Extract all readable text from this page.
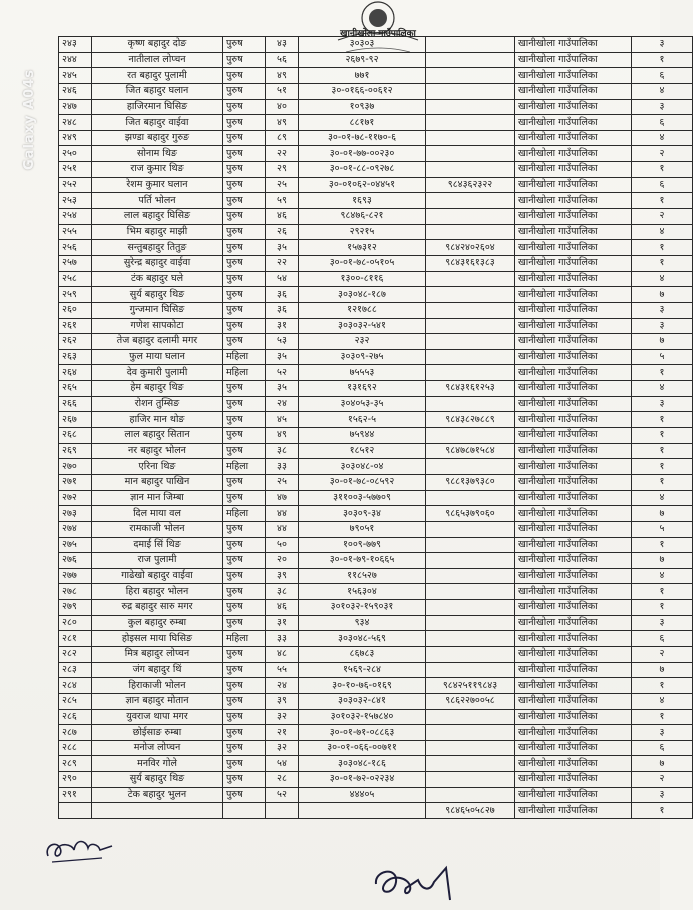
खानीखोला गाउँपालिका
Galaxy A04s
२४३	कृष्ण बहादुर दोङ	पुरुष	४३	३०३०३		खानीखोला गाउँपालिका	३
२४४	नातीलाल लोप्चन	पुरुष	५६	२६७९-९२		खानीखोला गाउँपालिका	१
२४५	रत बहादुर पुलामी	पुरुष	४९	७७१		खानीखोला गाउँपालिका	६
२४६	जित बहादुर घलान	पुरुष	५१	३०-०१६६-००६१२		खानीखोला गाउँपालिका	४
२४७	हाजिरमान घिसिङ	पुरुष	४०	१०९३७		खानीखोला गाउँपालिका	३
२४८	जित बहादुर वाईवा	पुरुष	४९	८८१७१		खानीखोला गाउँपालिका	६
२४९	झण्डा बहादुर गुरुङ	पुरुष	८९	३०-०१-७८-११७०-६		खानीखोला गाउँपालिका	४
२५०	सोनाम थिङ	पुरुष	२२	३०-०१-७७-००२३०		खानीखोला गाउँपालिका	२
२५१	राज कुमार थिङ	पुरुष	२९	३०-०१-८८-०९२७८		खानीखोला गाउँपालिका	१
२५२	रेशम कुमार घलान	पुरुष	२५	३०-०१०६२-०४४५१	९८४३६२३२२	खानीखोला गाउँपालिका	६
२५३	पर्ति भोलन	पुरुष	५९	१६९३		खानीखोला गाउँपालिका	१
२५४	लाल बहादुर घिसिङ	पुरुष	४६	९८४७६-८२१		खानीखोला गाउँपालिका	२
२५५	भिम बहादुर माझी	पुरुष	२६	२९२१५		खानीखोला गाउँपालिका	४
२५६	सन्तुबहादुर तितुङ	पुरुष	३५	१५७३१२	९८४२४०२६०४	खानीखोला गाउँपालिका	१
२५७	सुरेन्द्र बहादुर वाईवा	पुरुष	२२	३०-०१-७८-०५१०५	९८४३१६१३८३	खानीखोला गाउँपालिका	१
२५८	टंक बहादुर घले	पुरुष	५४	१३००-८११६		खानीखोला गाउँपालिका	४
२५९	सुर्य बहादुर थिङ	पुरुष	३६	३०३०४८-१८७		खानीखोला गाउँपालिका	७
२६०	गुन्जमान घिसिङ	पुरुष	३६	१२१७८८		खानीखोला गाउँपालिका	३
२६१	गणेश सापकोटा	पुरुष	३१	३०३०३२-५४१		खानीखोला गाउँपालिका	३
२६२	तेज बहादुर दलामी मगर	पुरुष	५३	२३२		खानीखोला गाउँपालिका	७
२६३	फुल माया घलान	महिला	३५	३०३०९-२७५		खानीखोला गाउँपालिका	५
२६४	देव कुमारी पुलामी	महिला	५२	७५५५३		खानीखोला गाउँपालिका	१
२६५	हेम बहादुर थिङ	पुरुष	३५	१३१६९२	९८४३१६१२५३	खानीखोला गाउँपालिका	४
२६६	रोशन तुम्सिङ	पुरुष	२४	३०४०५३-३५		खानीखोला गाउँपालिका	३
२६७	हाजिर मान थोङ	पुरुष	४५	१५६२-५	९८४३८२७८८९	खानीखोला गाउँपालिका	१
२६८	लाल बहादुर सितान	पुरुष	४९	७५९४४		खानीखोला गाउँपालिका	१
२६९	नर बहादुर भोलन	पुरुष	३८	१८५१२	९८४७८७१५८४	खानीखोला गाउँपालिका	१
२७०	एरिना थिङ	महिला	३३	३०३०४८-०४		खानीखोला गाउँपालिका	१
२७१	मान बहादुर पाखिन	पुरुष	२५	३०-०१-७८-०८५९२	९८८१३७९३८०	खानीखोला गाउँपालिका	१
२७२	ज्ञान मान जिम्बा	पुरुष	४७	३११००३-५७७०९		खानीखोला गाउँपालिका	४
२७३	दिल माया वल	महिला	४४	३०३०९-३४	९८६५३७९०६०	खानीखोला गाउँपालिका	७
२७४	रामकाजी भोलन	पुरुष	४४	७९०५१		खानीखोला गाउँपालिका	५
२७५	दमाई सिं थिङ	पुरुष	५०	१००९-७७९		खानीखोला गाउँपालिका	१
२७६	राज पुलामी	पुरुष	२०	३०-०१-७९-१०६६५		खानीखोला गाउँपालिका	७
२७७	गाढेखो बहादुर वाईवा	पुरुष	३९	११८५२७		खानीखोला गाउँपालिका	४
२७८	हिरा बहादुर भोलन	पुरुष	३८	१५६३०४		खानीखोला गाउँपालिका	१
२७९	रुद्र बहादुर सारु मगर	पुरुष	४६	३०१०३२-१५९०३१		खानीखोला गाउँपालिका	१
२८०	कुल बहादुर रुम्बा	पुरुष	३१	९३४		खानीखोला गाउँपालिका	३
२८१	होइसल माया घिसिङ	महिला	३३	३०३०४८-५६९		खानीखोला गाउँपालिका	६
२८२	मित्र बहादुर लोप्चन	पुरुष	४८	८६७८३		खानीखोला गाउँपालिका	२
२८३	जंग बहादुर थिं	पुरुष	५५	१५६९-२८४		खानीखोला गाउँपालिका	७
२८४	हिराकाजी भोलन	पुरुष	२४	३०-१०-७६-०१६९	९८४२५११९८४३	खानीखोला गाउँपालिका	१
२८५	ज्ञान बहादुर मोतान	पुरुष	३९	३०३०३२-८४१	९८६२२७००५८	खानीखोला गाउँपालिका	४
२८६	युवराज थापा मगर	पुरुष	३२	३०१०३२-१५७८४०		खानीखोला गाउँपालिका	१
२८७	छोईसाङ रुम्बा	पुरुष	२१	३०-०१-७१-०८८६३		खानीखोला गाउँपालिका	३
२८८	मनोज लोप्चन	पुरुष	३२	३०-०१-०६६-००७११		खानीखोला गाउँपालिका	६
२८९	मनविर गोले	पुरुष	५४	३०३०४८-१८६		खानीखोला गाउँपालिका	७
२९०	सुर्य बहादुर थिङ	पुरुष	२८	३०-०१-७२-०२२३४		खानीखोला गाउँपालिका	२
२९१	टेक बहादुर भुलन	पुरुष	५२	४४४०५		खानीखोला गाउँपालिका	३
					९८४६५०५८२७	खानीखोला गाउँपालिका	१
